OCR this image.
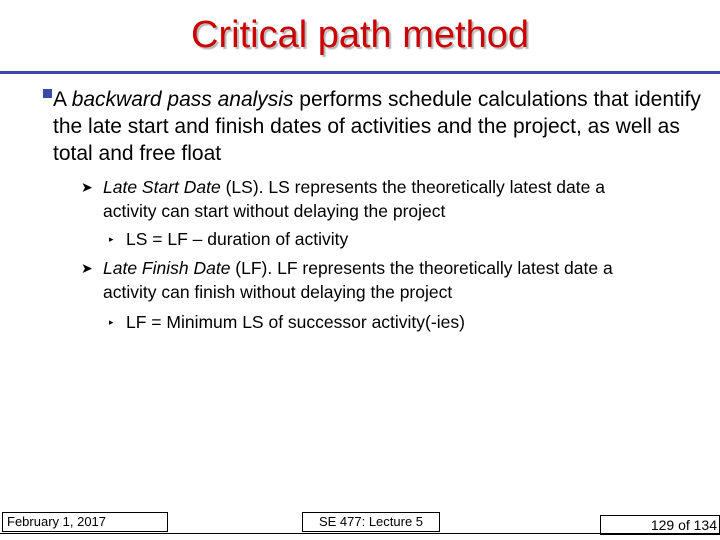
Critical path method
A backward pass analysis performs schedule calculations that identify the late start and finish dates of activities and the project, as well as total and free float
➤ Late Start Date (LS). LS represents the theoretically latest date a
activity can start without delaying the project
▸ LS = LF – duration of activity
➤ Late Finish Date (LF). LF represents the theoretically latest date a
activity can finish without delaying the project
▸ LF = Minimum LS of successor activity(-ies)
February 1, 2017	SE 477: Lecture 5	129 of 134
